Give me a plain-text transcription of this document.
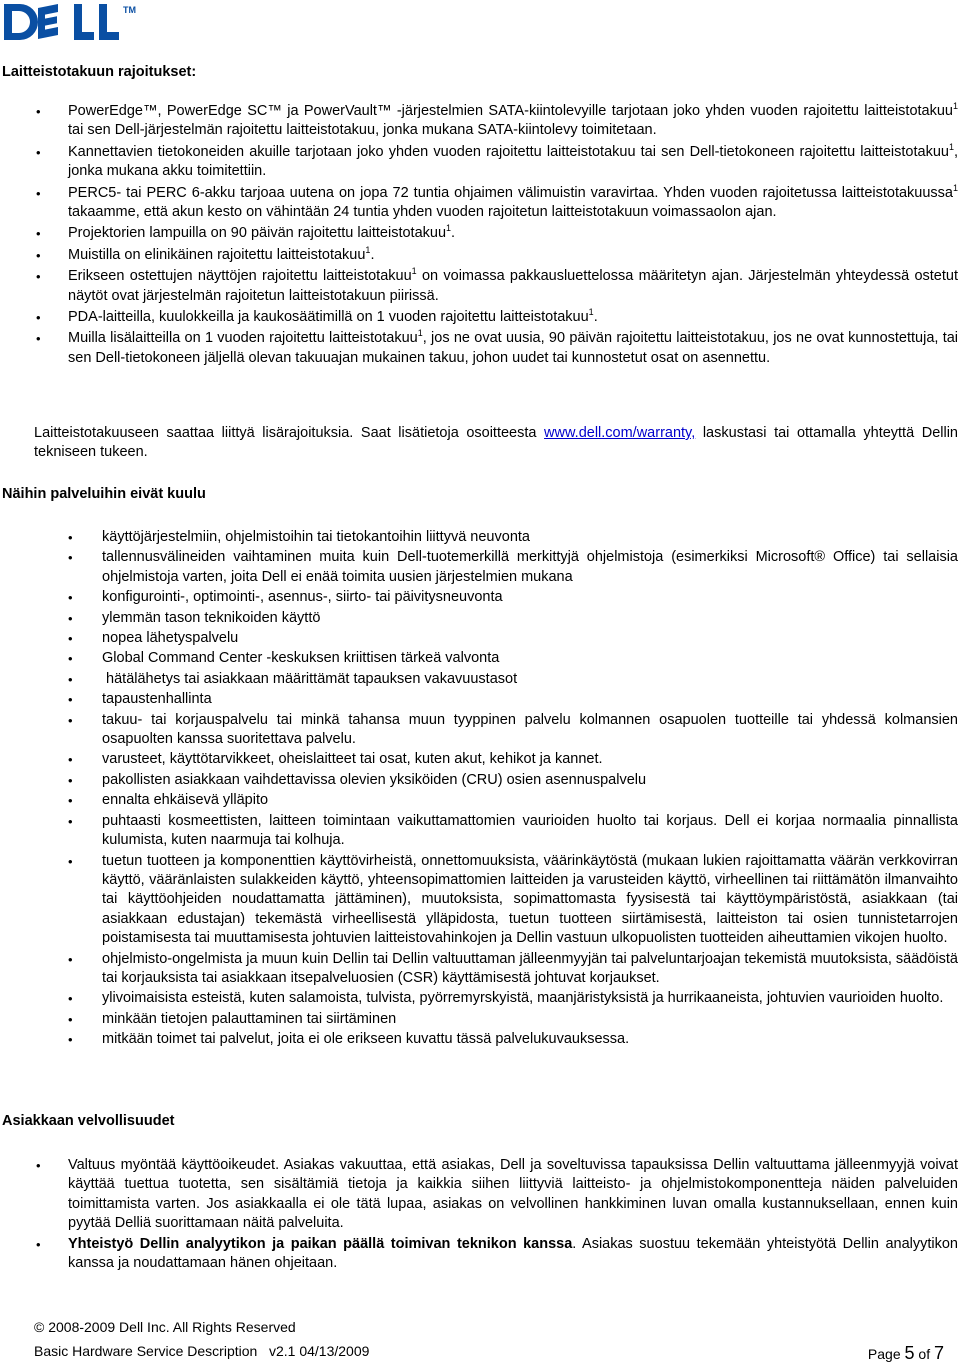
TM
Laitteistotakuun rajoitukset:
• PowerEdge™, PowerEdge SC™ ja PowerVault™ -järjestelmien SATA-kiintolevyille tarjotaan joko yhden vuoden rajoitettu laitteistotakuu$^1$ tai sen Dell-järjestelmän rajoitettu laitteistotakuu, jonka mukana SATA-kiintolevy toimitetaan.
• Kannettavien tietokoneiden akuille tarjotaan joko yhden vuoden rajoitettu laitteistotakuu tai sen Dell-tietokoneen rajoitettu laitteistotakuu$^1$, jonka mukana akku toimitettiin.
• PERC5- tai PERC 6-akku tarjoaa uutena on jopa 72 tuntia ohjaimen välimuistin varavirtaa. Yhden vuoden rajoitetussa laitteistotakuussa$^1$ takaamme, että akun kesto on vähintään 24 tuntia yhden vuoden rajoitetun laitteistotakuun voimassaolon ajan.
• Projektorien lampuilla on 90 päivän rajoitettu laitteistotakuu$^1$.
• Muistilla on elinikäinen rajoitettu laitteistotakuu$^1$.
• Erikseen ostettujen näyttöjen rajoitettu laitteistotakuu$^1$ on voimassa pakkausluettelossa määritetyn ajan. Järjestelmän yhteydessä ostetut näytöt ovat järjestelmän rajoitetun laitteistotakuun piirissä.
• PDA-laitteilla, kuulokkeilla ja kaukosäätimillä on 1 vuoden rajoitettu laitteistotakuu$^1$.
• Muilla lisälaitteilla on 1 vuoden rajoitettu laitteistotakuu$^1$, jos ne ovat uusia, 90 päivän rajoitettu laitteistotakuu, jos ne ovat kunnostettuja, tai sen Dell-tietokoneen jäljellä olevan takuuajan mukainen takuu, johon uudet tai kunnostetut osat on asennettu.
Laitteistotakuuseen saattaa liittyä lisärajoituksia. Saat lisätietoja osoitteesta www.dell.com/warranty, laskustasi tai ottamalla yhteyttä Dellin tekniseen tukeen.
Näihin palveluihin eivät kuulu
• käyttöjärjestelmiin, ohjelmistoihin tai tietokantoihin liittyvä neuvonta
• tallennusvälineiden vaihtaminen muita kuin Dell-tuotemerkillä merkittyjä ohjelmistoja (esimerkiksi Microsoft® Office) tai sellaisia ohjelmistoja varten, joita Dell ei enää toimita uusien järjestelmien mukana
• konfigurointi-, optimointi-, asennus-, siirto- tai päivitysneuvonta
• ylemmän tason teknikoiden käyttö
• nopea lähetyspalvelu
• Global Command Center -keskuksen kriittisen tärkeä valvonta
•  hätälähetys tai asiakkaan määrittämät tapauksen vakavuustasot
• tapaustenhallinta
• takuu- tai korjauspalvelu tai minkä tahansa muun tyyppinen palvelu kolmannen osapuolen tuotteille tai yhdessä kolmansien osapuolten kanssa suoritettava palvelu.
• varusteet, käyttötarvikkeet, oheislaitteet tai osat, kuten akut, kehikot ja kannet.
• pakollisten asiakkaan vaihdettavissa olevien yksiköiden (CRU) osien asennuspalvelu
• ennalta ehkäisevä ylläpito
• puhtaasti kosmeettisten, laitteen toimintaan vaikuttamattomien vaurioiden huolto tai korjaus. Dell ei korjaa normaalia pinnallista kulumista, kuten naarmuja tai kolhuja.
• tuetun tuotteen ja komponenttien käyttövirheistä, onnettomuuksista, väärinkäytöstä (mukaan lukien rajoittamatta väärän verkkovirran käyttö, vääränlaisten sulakkeiden käyttö, yhteensopimattomien laitteiden ja varusteiden käyttö, virheellinen tai riittämätön ilmanvaihto tai käyttöohjeiden noudattamatta jättäminen), muutoksista, sopimattomasta fyysisestä tai käyttöympäristöstä, asiakkaan (tai asiakkaan edustajan) tekemästä virheellisestä ylläpidosta, tuetun tuotteen siirtämisestä, laitteiston tai osien tunnistetarrojen poistamisesta tai muuttamisesta johtuvien laitteistovahinkojen ja Dellin vastuun ulkopuolisten tuotteiden aiheuttamien vikojen huolto.
• ohjelmisto-ongelmista ja muun kuin Dellin tai Dellin valtuuttaman jälleenmyyjän tai palveluntarjoajan tekemistä muutoksista, säädöistä tai korjauksista tai asiakkaan itsepalveluosien (CSR) käyttämisestä johtuvat korjaukset.
• ylivoimaisista esteistä, kuten salamoista, tulvista, pyörremyrskyistä, maanjäristyksistä ja hurrikaaneista, johtuvien vaurioiden huolto.
• minkään tietojen palauttaminen tai siirtäminen
• mitkään toimet tai palvelut, joita ei ole erikseen kuvattu tässä palvelukuvauksessa.
Asiakkaan velvollisuudet
• Valtuus myöntää käyttöoikeudet. Asiakas vakuuttaa, että asiakas, Dell ja soveltuvissa tapauksissa Dellin valtuuttama jälleenmyyjä voivat käyttää tuettua tuotetta, sen sisältämiä tietoja ja kaikkia siihen liittyviä laitteisto- ja ohjelmistokomponentteja näiden palveluiden toimittamista varten. Jos asiakkaalla ei ole tätä lupaa, asiakas on velvollinen hankkiminen luvan omalla kustannuksellaan, ennen kuin pyytää Delliä suorittamaan näitä palveluita.
• Yhteistyö Dellin analyytikon ja paikan päällä toimivan teknikon kanssa. Asiakas suostuu tekemään yhteistyötä Dellin analyytikon kanssa ja noudattamaan hänen ohjeitaan.
© 2008-2009 Dell Inc. All Rights Reserved
Basic Hardware Service Description   v2.1 04/13/2009	Page 5 of 7
